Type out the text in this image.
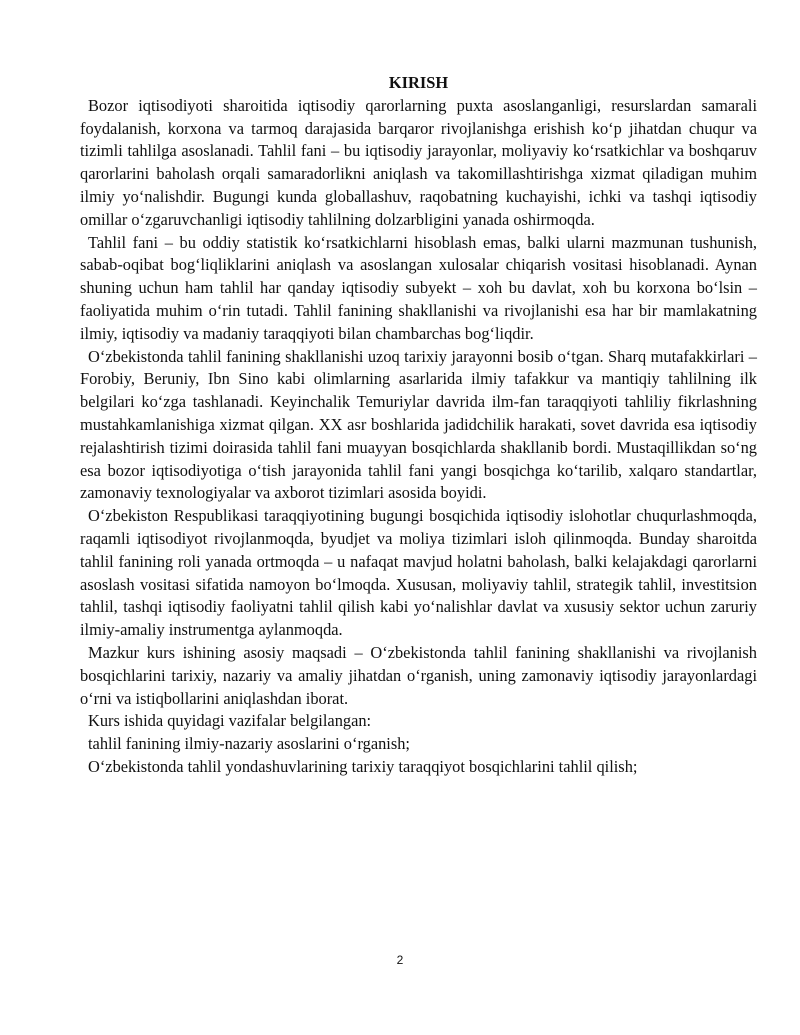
KIRISH

Bozor iqtisodiyoti sharoitida iqtisodiy qarorlarning puxta asoslanganligi, resurslardan samarali foydalanish, korxona va tarmoq darajasida barqaror rivojlanishga erishish ko‘p jihatdan chuqur va tizimli tahlilga asoslanadi. Tahlil fani – bu iqtisodiy jarayonlar, moliyaviy ko‘rsatkichlar va boshqaruv qarorlarini baholash orqali samaradorlikni aniqlash va takomillashtirishga xizmat qiladigan muhim ilmiy yo‘nalishdir. Bugungi kunda globallashuv, raqobatning kuchayishi, ichki va tashqi iqtisodiy omillar o‘zgaruvchanligi iqtisodiy tahlilning dolzarbligini yanada oshirmoqda.

Tahlil fani – bu oddiy statistik ko‘rsatkichlarni hisoblash emas, balki ularni mazmunan tushunish, sabab-oqibat bog‘liqliklarini aniqlash va asoslangan xulosalar chiqarish vositasi hisoblanadi. Aynan shuning uchun ham tahlil har qanday iqtisodiy subyekt – xoh bu davlat, xoh bu korxona bo‘lsin – faoliyatida muhim o‘rin tutadi. Tahlil fanining shakllanishi va rivojlanishi esa har bir mamlakatning ilmiy, iqtisodiy va madaniy taraqqiyoti bilan chambarchas bog‘liqdir.

O‘zbekistonda tahlil fanining shakllanishi uzoq tarixiy jarayonni bosib o‘tgan. Sharq mutafakkirlari – Forobiy, Beruniy, Ibn Sino kabi olimlarning asarlarida ilmiy tafakkur va mantiqiy tahlilning ilk belgilari ko‘zga tashlanadi. Keyinchalik Temuriylar davrida ilm-fan taraqqiyoti tahliliy fikrlashning mustahkamlanishiga xizmat qilgan. XX asr boshlarida jadidchilik harakati, sovet davrida esa iqtisodiy rejalashtirish tizimi doirasida tahlil fani muayyan bosqichlarda shakllanib bordi. Mustaqillikdan so‘ng esa bozor iqtisodiyotiga o‘tish jarayonida tahlil fani yangi bosqichga ko‘tarilib, xalqaro standartlar, zamonaviy texnologiyalar va axborot tizimlari asosida boyidi.

O‘zbekiston Respublikasi taraqqiyotining bugungi bosqichida iqtisodiy islohotlar chuqurlashmoqda, raqamli iqtisodiyot rivojlanmoqda, byudjet va moliya tizimlari isloh qilinmoqda. Bunday sharoitda tahlil fanining roli yanada ortmoqda – u nafaqat mavjud holatni baholash, balki kelajakdagi qarorlarni asoslash vositasi sifatida namoyon bo‘lmoqda. Xususan, moliyaviy tahlil, strategik tahlil, investitsion tahlil, tashqi iqtisodiy faoliyatni tahlil qilish kabi yo‘nalishlar davlat va xususiy sektor uchun zaruriy ilmiy-amaliy instrumentga aylanmoqda.

Mazkur kurs ishining asosiy maqsadi – O‘zbekistonda tahlil fanining shakllanishi va rivojlanish bosqichlarini tarixiy, nazariy va amaliy jihatdan o‘rganish, uning zamonaviy iqtisodiy jarayonlardagi o‘rni va istiqbollarini aniqlashdan iborat.

Kurs ishida quyidagi vazifalar belgilangan:

tahlil fanining ilmiy-nazariy asoslarini o‘rganish;

O‘zbekistonda tahlil yondashuvlarining tarixiy taraqqiyot bosqichlarini tahlil qilish;

2
